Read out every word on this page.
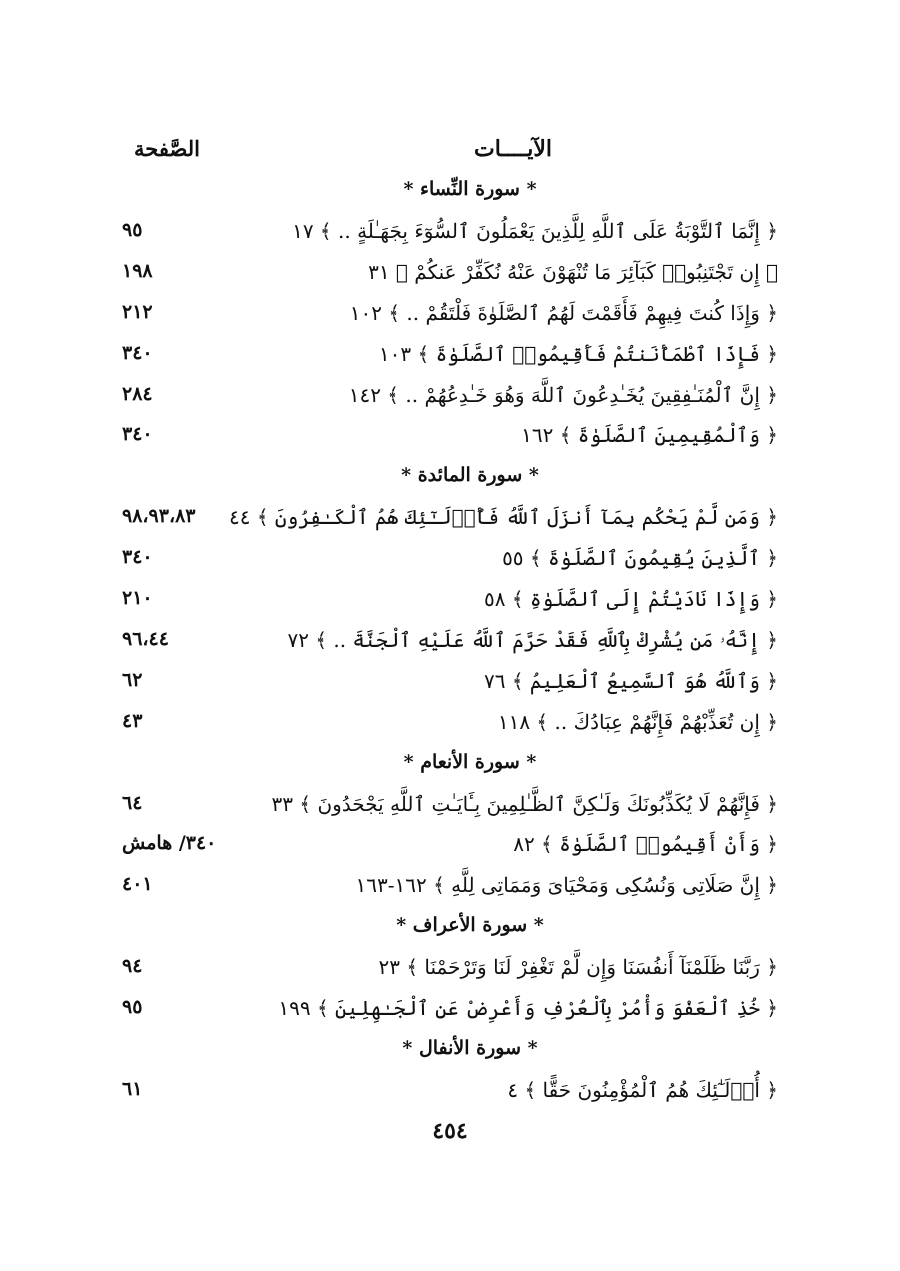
الآيــــات
الصَّفحة
* سورة النِّساء *
﴿ إِنَّمَا ٱلتَّوْبَةُ عَلَى ٱللَّهِ لِلَّذِينَ يَعْمَلُونَ ٱلسُّوٓءَ بِجَهَـٰلَةٍ .. ﴾ ١٧
٩٥
﴿ إِن تَجْتَنِبُوا۟ كَبَآئِرَ مَا تُنْهَوْنَ عَنْهُ نُكَفِّرْ عَنكُمْ ﴾ ٣١
١٩٨
﴿ وَإِذَا كُنتَ فِيهِمْ فَأَقَمْتَ لَهُمُ ٱلصَّلَوٰةَ فَلْتَقُمْ .. ﴾ ١٠٢
٢١٢
﴿ فَإِذَا ٱطْمَأْنَنتُمْ فَأَقِيمُوا۟ ٱلصَّلَوٰةَ ﴾ ١٠٣
٣٤٠
﴿ إِنَّ ٱلْمُنَـٰفِقِينَ يُخَـٰدِعُونَ ٱللَّهَ وَهُوَ خَـٰدِعُهُمْ .. ﴾ ١٤٢
٢٨٤
﴿ وَٱلْمُقِيمِينَ ٱلصَّلَوٰةَ ﴾ ١٦٢
٣٤٠
* سورة المائدة *
﴿ وَمَن لَّمْ يَحْكُم بِمَآ أَنزَلَ ٱللَّهُ فَأُو۟لَـٰٓئِكَ هُمُ ٱلْكَـٰفِرُونَ ﴾ ٤٤
٩٨،٩٣،٨٣
﴿ ٱلَّذِينَ يُقِيمُونَ ٱلصَّلَوٰةَ ﴾ ٥٥
٣٤٠
﴿ وَإِذَا نَادَيْتُمْ إِلَى ٱلصَّلَوٰةِ ﴾ ٥٨
٢١٠
﴿ إِنَّهُۥ مَن يُشْرِكْ بِٱللَّهِ فَقَدْ حَرَّمَ ٱللَّهُ عَلَيْهِ ٱلْجَنَّةَ .. ﴾ ٧٢
٩٦،٤٤
﴿ وَٱللَّهُ هُوَ ٱلسَّمِيعُ ٱلْعَلِيمُ ﴾ ٧٦
٦٢
﴿ إِن تُعَذِّبْهُمْ فَإِنَّهُمْ عِبَادُكَ .. ﴾ ١١٨
٤٣
* سورة الأنعام *
﴿ فَإِنَّهُمْ لَا يُكَذِّبُونَكَ وَلَـٰكِنَّ ٱلظَّـٰلِمِينَ بِـَٔايَـٰتِ ٱللَّهِ يَجْحَدُونَ ﴾ ٣٣
٦٤
﴿ وَأَنْ أَقِيمُوا۟ ٱلصَّلَوٰةَ ﴾ ٨٢
٣٤٠/ هامش
﴿ إِنَّ صَلَاتِى وَنُسُكِى وَمَحْيَاىَ وَمَمَاتِى لِلَّهِ ﴾ ١٦٢-١٦٣
٤٠١
* سورة الأعراف *
﴿ رَبَّنَا ظَلَمْنَآ أَنفُسَنَا وَإِن لَّمْ تَغْفِرْ لَنَا وَتَرْحَمْنَا ﴾ ٢٣
٩٤
﴿ خُذِ ٱلْعَفْوَ وَأْمُرْ بِٱلْعُرْفِ وَأَعْرِضْ عَنِ ٱلْجَـٰهِلِينَ ﴾ ١٩٩
٩٥
* سورة الأنفال *
﴿ أُو۟لَـٰٓئِكَ هُمُ ٱلْمُؤْمِنُونَ حَقًّا ﴾ ٤
٦١
٤٥٤
